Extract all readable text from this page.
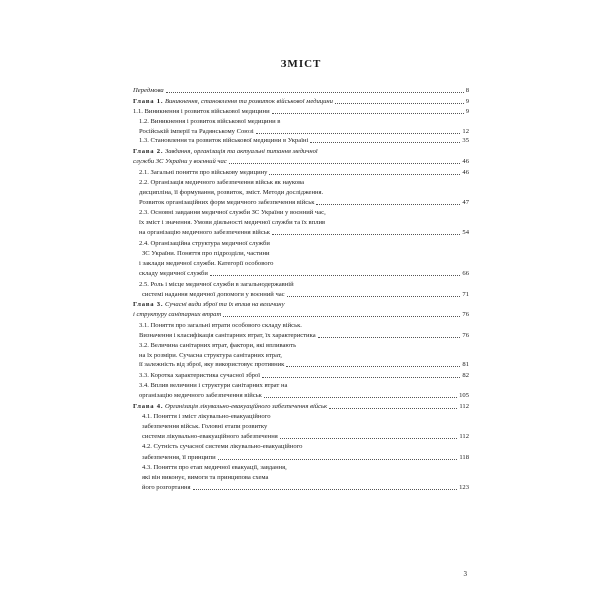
ЗМІСТ
Передмова	8
Глава 1. Виникнення, становлення та розвиток військової медицини	9
1.1. Виникнення і розвиток військової медицини	9
1.2. Виникнення і розвиток військової медицини в
Російській імперії та Радянському Союзі	12
1.3. Становлення та розвиток військової медицини в Україні	35
Глава 2. Завдання, організація та актуальні питання медичної
служби ЗС України у воєнний час	46
2.1. Загальні поняття про військову медицину	46
2.2. Організація медичного забезпечення військ як наукова
дисципліна, її формування, розвиток, зміст. Методи дослідження.
Розвиток організаційних форм медичного забезпечення військ	47
2.3. Основні завдання медичної служби ЗС України у воєнний час,
їх зміст і значення. Умови діяльності медичної служби та їх вплив
на організацію медичного забезпечення військ	54
2.4. Організаційна структура медичної служби
ЗС України. Поняття про підрозділи, частини
і заклади медичної служби. Категорії особового
складу медичної служби	66
2.5. Роль і місце медичної служби в загальнодержавній
системі надання медичної допомоги у воєнний час	71
Глава 3. Сучасні види зброї та їх вплив на величину
і структуру санітарних втрат	76
3.1. Поняття про загальні втрати особового складу військ.
Визначення і класифікація санітарних втрат, їх характеристика	76
3.2. Величина санітарних втрат, фактори, які впливають
на їх розміри. Сучасна структура санітарних втрат,
її залежність від зброї, яку використовує противник	81
3.3. Коротка характеристика сучасної зброї	82
3.4. Вплив величини і структури санітарних втрат на
організацію медичного забезпечення військ	105
Глава 4. Організація лікувально-евакуаційного забезпечення військ	112
4.1. Поняття і зміст лікувально-евакуаційного
забезпечення військ. Головні етапи розвитку
системи лікувально-евакуаційного забезпечення	112
4.2. Сутність сучасної системи лікувально-евакуаційного
забезпечення, її принципи	118
4.3. Поняття про етап медичної евакуації, завдання,
які він виконує, вимоги та принципова схема
його розгортання	123
3
